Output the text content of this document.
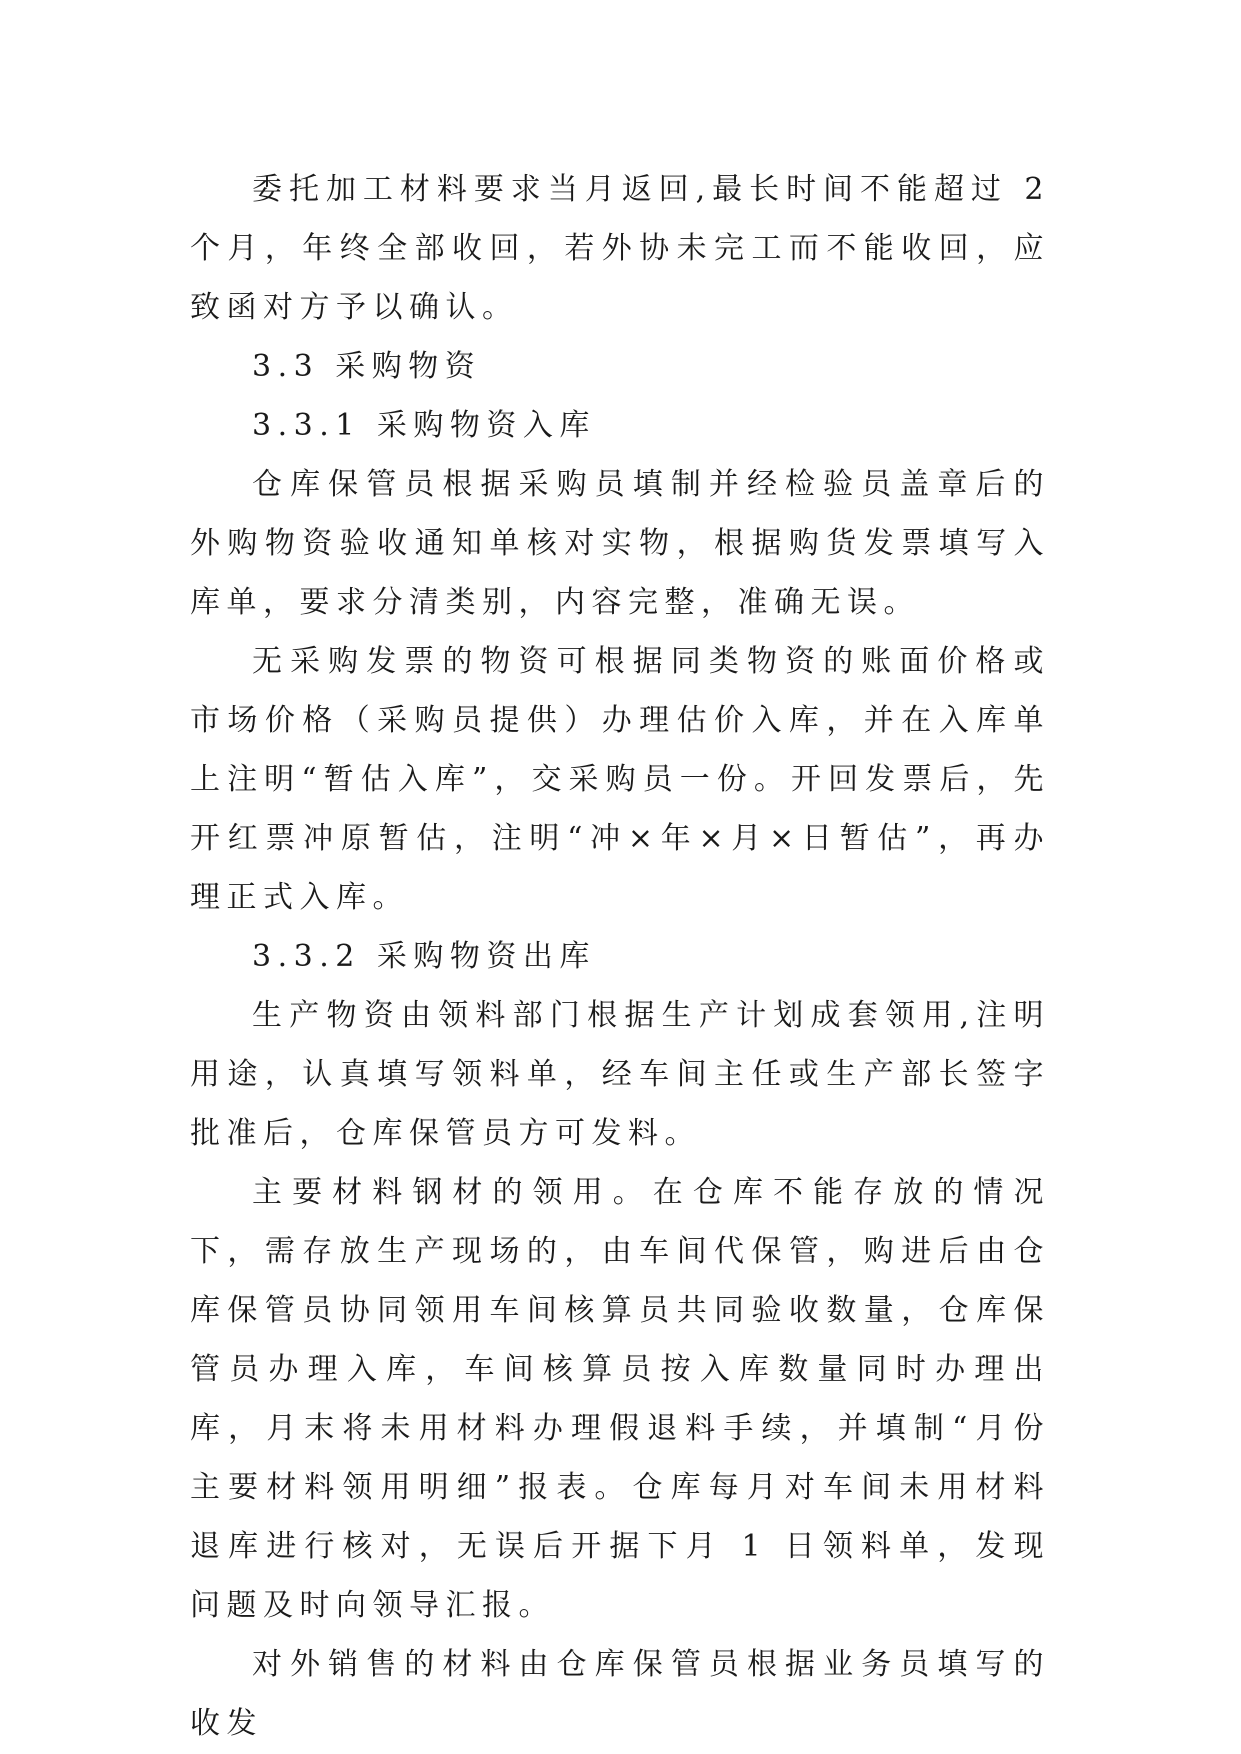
委托加工材料要求当月返回,最长时间不能超过 2 个月，年终全部收回，若外协未完工而不能收回，应致函对方予以确认。

3.3 采购物资

3.3.1 采购物资入库

仓库保管员根据采购员填制并经检验员盖章后的外购物资验收通知单核对实物，根据购货发票填写入库单，要求分清类别，内容完整，准确无误。

无采购发票的物资可根据同类物资的账面价格或市场价格（采购员提供）办理估价入库，并在入库单上注明“暂估入库”，交采购员一份。开回发票后，先开红票冲原暂估，注明“冲×年×月×日暂估”，再办理正式入库。

3.3.2 采购物资出库

生产物资由领料部门根据生产计划成套领用,注明用途，认真填写领料单，经车间主任或生产部长签字批准后，仓库保管员方可发料。

主要材料钢材的领用。在仓库不能存放的情况下，需存放生产现场的，由车间代保管，购进后由仓库保管员协同领用车间核算员共同验收数量，仓库保管员办理入库，车间核算员按入库数量同时办理出库，月末将未用材料办理假退料手续，并填制“月份主要材料领用明细”报表。仓库每月对车间未用材料退库进行核对，无误后开据下月 1 日领料单，发现问题及时向领导汇报。

对外销售的材料由仓库保管员根据业务员填写的收发
